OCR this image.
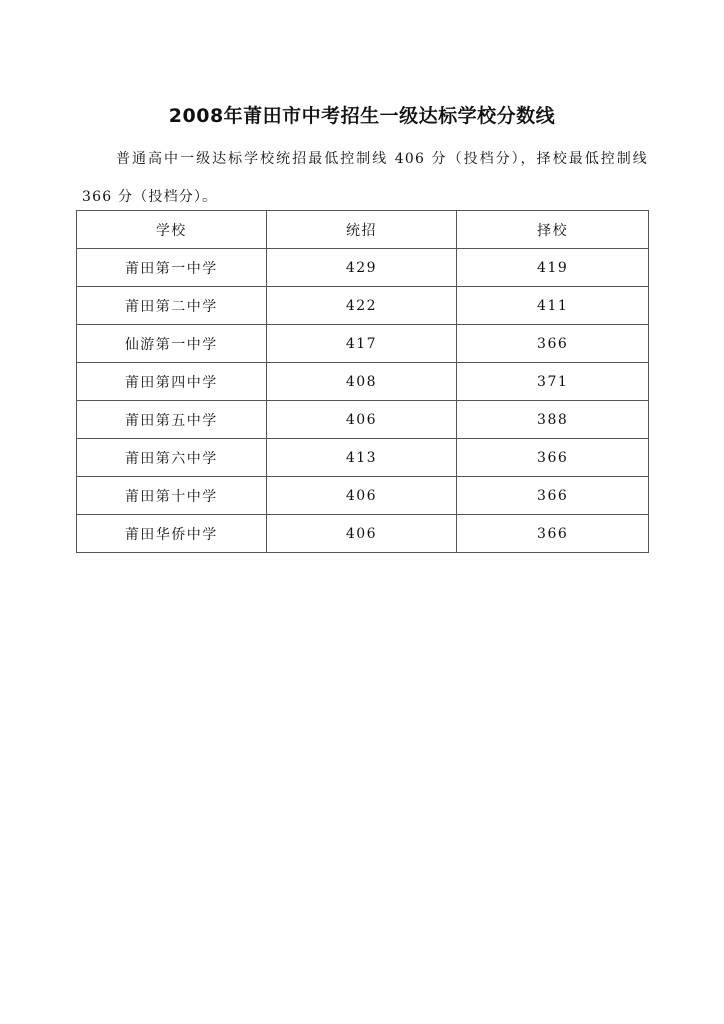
2008年莆田市中考招生一级达标学校分数线
普通高中一级达标学校统招最低控制线 406 分（投档分），择校最低控制线 366 分（投档分）。
学校	统招	择校
莆田第一中学	429	419
莆田第二中学	422	411
仙游第一中学	417	366
莆田第四中学	408	371
莆田第五中学	406	388
莆田第六中学	413	366
莆田第十中学	406	366
莆田华侨中学	406	366
